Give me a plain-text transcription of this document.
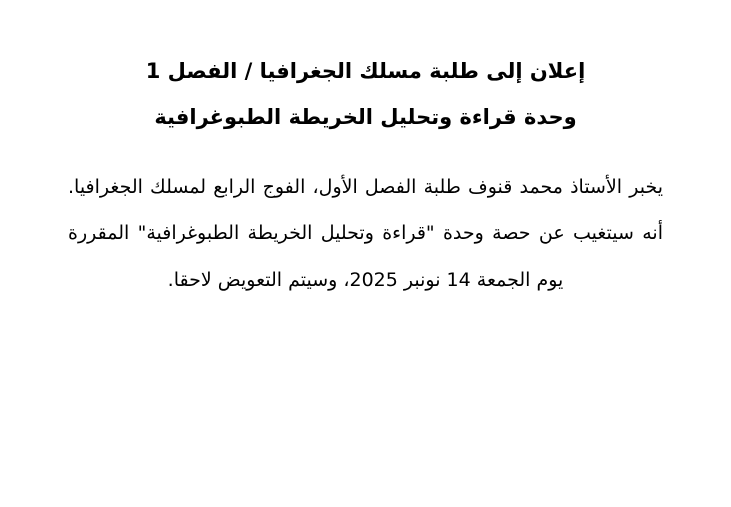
إعلان إلى طلبة مسلك الجغرافيا / الفصل 1
وحدة قراءة وتحليل الخريطة الطبوغرافية

يخبر الأستاذ محمد قنوف طلبة الفصل الأول، الفوج الرابع لمسلك الجغرافيا. أنه سيتغيب عن حصة وحدة "قراءة وتحليل الخريطة الطبوغرافية" المقررة يوم الجمعة 14 نونبر 2025، وسيتم التعويض لاحقا.
